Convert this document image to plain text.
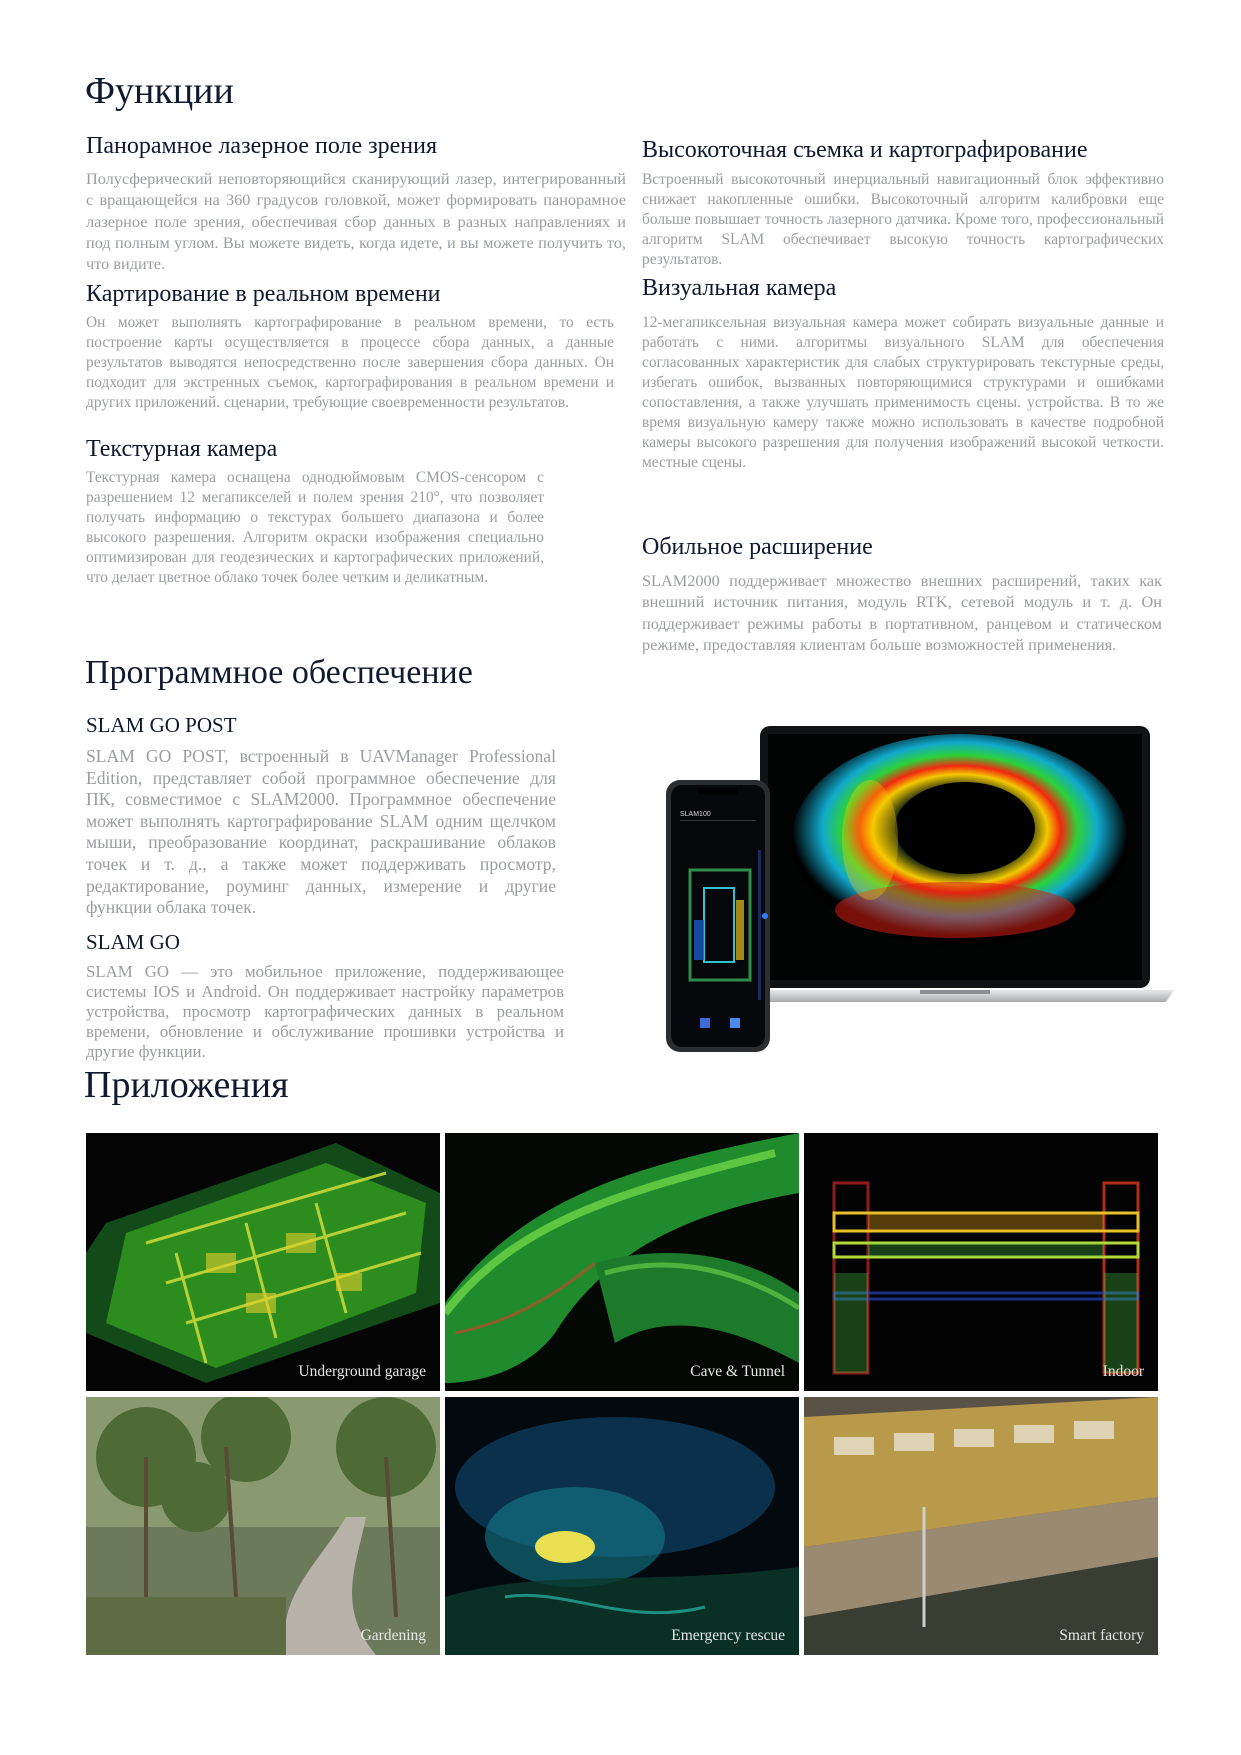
Функции
Панорамное лазерное поле зрения

Полусферический неповторяющийся сканирующий лазер, интегрированный с вращающейся на 360 градусов головкой, может формировать панорамное лазерное поле зрения, обеспечивая сбор данных в разных направлениях и под полным углом. Вы можете видеть, когда идете, и вы можете получить то, что видите.

Картирование в реальном времени

Он может выполнять картографирование в реальном времени, то есть построение карты осуществляется в процессе сбора данных, а данные результатов выводятся непосредственно после завершения сбора данных. Он подходит для экстренных съемок, картографирования в реальном времени и других приложений. сценарии, требующие своевременности результатов.

Текстурная камера

Текстурная камера оснащена однодюймовым CMOS-сенсором с разрешением 12 мегапикселей и полем зрения 210°, что позволяет получать информацию о текстурах большего диапазона и более высокого разрешения. Алгоритм окраски изображения специально оптимизирован для геодезических и картографических приложений, что делает цветное облако точек более четким и деликатным.

Высокоточная съемка и картографирование

Встроенный высокоточный инерциальный навигационный блок эффективно снижает накопленные ошибки. Высокоточный алгоритм калибровки еще больше повышает точность лазерного датчика. Кроме того, профессиональный алгоритм SLAM обеспечивает высокую точность картографических результатов.

Визуальная камера

12-мегапиксельная визуальная камера может собирать визуальные данные и работать с ними. алгоритмы визуального SLAM для обеспечения согласованных характеристик для слабых структурировать текстурные среды, избегать ошибок, вызванных повторяющимися структурами и ошибками сопоставления, а также улучшать применимость сцены. устройства. В то же время визуальную камеру также можно использовать в качестве подробной камеры высокого разрешения для получения изображений высокой четкости. местные сцены.

Обильное расширение

SLAM2000 поддерживает множество внешних расширений, таких как внешний источник питания, модуль RTK, сетевой модуль и т. д. Он поддерживает режимы работы в портативном, ранцевом и статическом режиме, предоставляя клиентам больше возможностей применения.

Программное обеспечение
SLAM GO POST

SLAM GO POST, встроенный в UAVManager Professional Edition, представляет собой программное обеспечение для ПК, совместимое с SLAM2000. Программное обеспечение может выполнять картографирование SLAM одним щелчком мыши, преобразование координат, раскрашивание облаков точек и т. д., а также может поддерживать просмотр, редактирование, роуминг данных, измерение и другие функции облака точек.

SLAM GO

SLAM GO — это мобильное приложение, поддерживающее системы IOS и Android. Он поддерживает настройку параметров устройства, просмотр картографических данных в реальном времени, обновление и обслуживание прошивки устройства и другие функции.

SLAM100
Приложения
Underground garage	Cave & Tunnel	Indoor
Gardening	Emergency rescue	Smart factory
